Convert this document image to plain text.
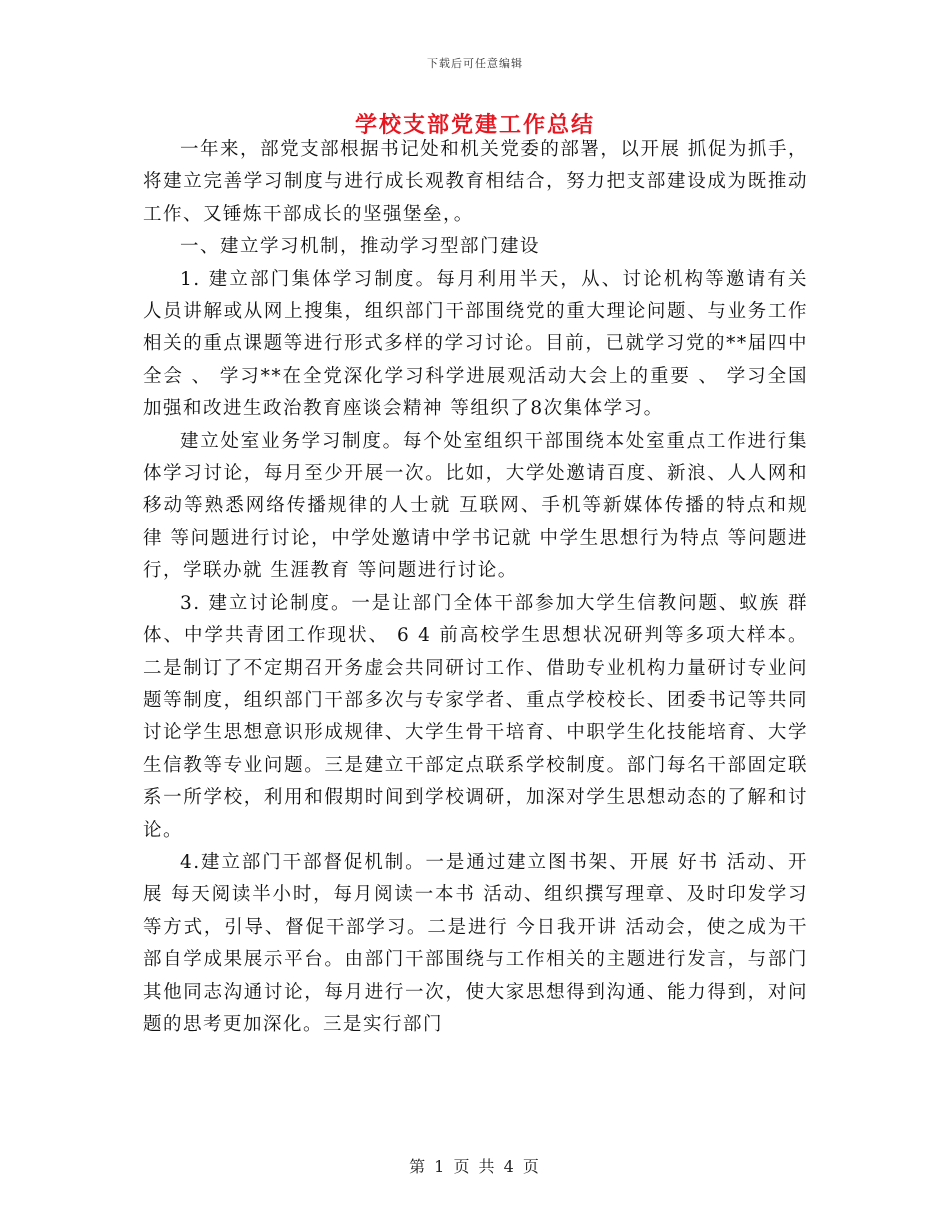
下载后可任意编辑
学校支部党建工作总结

一年来，部党支部根据书记处和机关党委的部署，以开展 抓促为抓手，将建立完善学习制度与进行成长观教育相结合，努力把支部建设成为既推动工作、又锤炼干部成长的坚强堡垒，。

一、建立学习机制，推动学习型部门建设

1. 建立部门集体学习制度。每月利用半天，从、讨论机构等邀请有关人员讲解或从网上搜集，组织部门干部围绕党的重大理论问题、与业务工作相关的重点课题等进行形式多样的学习讨论。目前，已就学习党的**届四中全会 、 学习**在全党深化学习科学进展观活动大会上的重要 、 学习全国加强和改进生政治教育座谈会精神 等组织了8次集体学习。

建立处室业务学习制度。每个处室组织干部围绕本处室重点工作进行集体学习讨论，每月至少开展一次。比如，大学处邀请百度、新浪、人人网和移动等熟悉网络传播规律的人士就 互联网、手机等新媒体传播的特点和规律 等问题进行讨论，中学处邀请中学书记就 中学生思想行为特点 等问题进行，学联办就 生涯教育 等问题进行讨论。

3. 建立讨论制度。一是让部门全体干部参加大学生信教问题、蚁族 群体、中学共青团工作现状、 6 4 前高校学生思想状况研判等多项大样本。二是制订了不定期召开务虚会共同研讨工作、借助专业机构力量研讨专业问题等制度，组织部门干部多次与专家学者、重点学校校长、团委书记等共同讨论学生思想意识形成规律、大学生骨干培育、中职学生化技能培育、大学生信教等专业问题。三是建立干部定点联系学校制度。部门每名干部固定联系一所学校，利用和假期时间到学校调研，加深对学生思想动态的了解和讨论。

4.建立部门干部督促机制。一是通过建立图书架、开展 好书 活动、开展 每天阅读半小时，每月阅读一本书 活动、组织撰写理章、及时印发学习等方式，引导、督促干部学习。二是进行 今日我开讲 活动会，使之成为干部自学成果展示平台。由部门干部围绕与工作相关的主题进行发言，与部门其他同志沟通讨论，每月进行一次，使大家思想得到沟通、能力得到，对问题的思考更加深化。三是实行部门

第 1 页 共 4 页
